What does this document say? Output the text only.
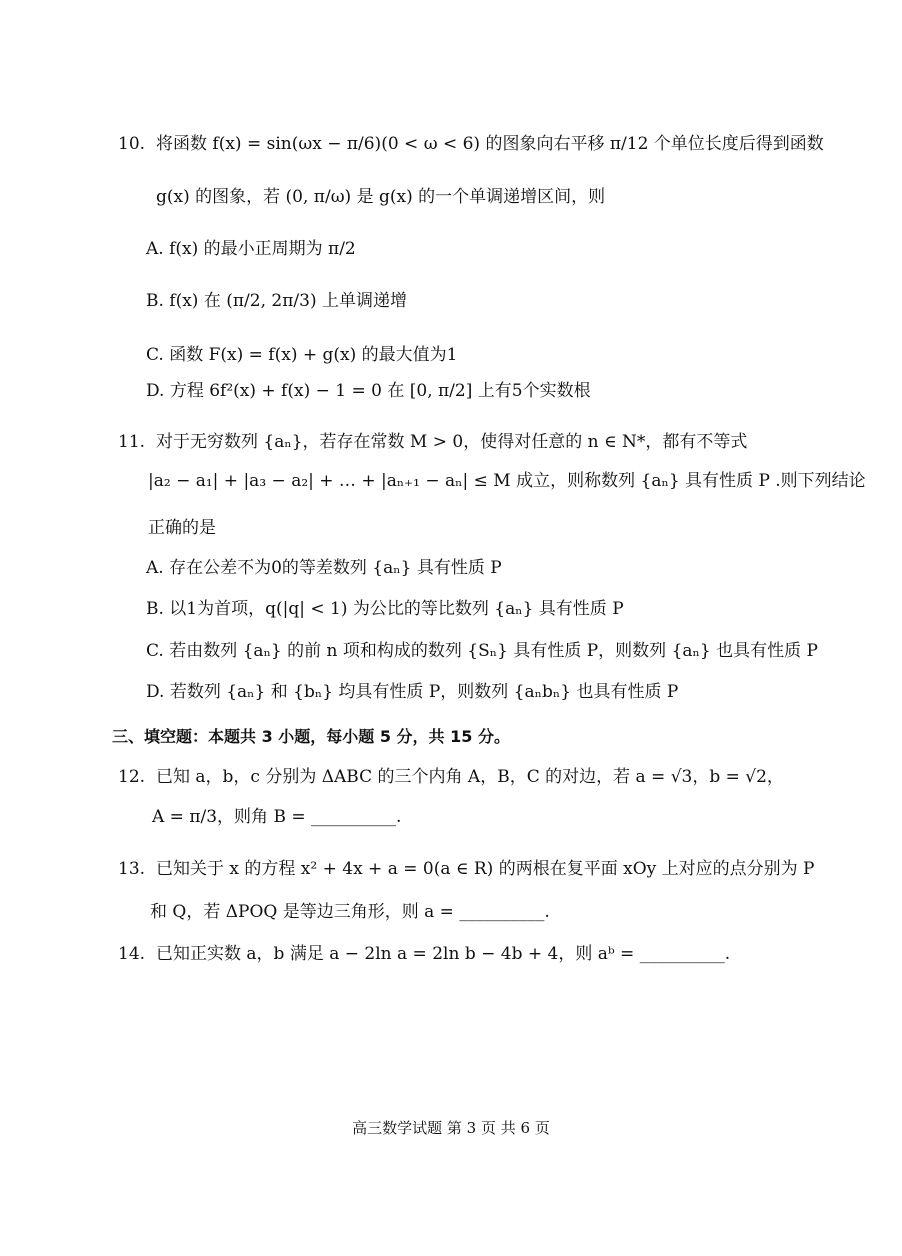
10. 将函数 f(x) = sin(ωx − π/6)(0 < ω < 6) 的图象向右平移 π/12 个单位长度后得到函数
g(x) 的图象，若 (0, π/ω) 是 g(x) 的一个单调递增区间，则
A. f(x) 的最小正周期为 π/2
B. f(x) 在 (π/2, 2π/3) 上单调递增
C. 函数 F(x) = f(x) + g(x) 的最大值为1
D. 方程 6f²(x) + f(x) − 1 = 0 在 [0, π/2] 上有5个实数根
11. 对于无穷数列 {aₙ}，若存在常数 M > 0，使得对任意的 n ∈ N*，都有不等式
|a₂ − a₁| + |a₃ − a₂| + … + |aₙ₊₁ − aₙ| ≤ M 成立，则称数列 {aₙ} 具有性质 P .则下列结论
正确的是
A. 存在公差不为0的等差数列 {aₙ} 具有性质 P
B. 以1为首项，q(|q| < 1) 为公比的等比数列 {aₙ} 具有性质 P
C. 若由数列 {aₙ} 的前 n 项和构成的数列 {Sₙ} 具有性质 P，则数列 {aₙ} 也具有性质 P
D. 若数列 {aₙ} 和 {bₙ} 均具有性质 P，则数列 {aₙbₙ} 也具有性质 P
三、填空题：本题共 3 小题，每小题 5 分，共 15 分。
12. 已知 a，b，c 分别为 ΔABC 的三个内角 A，B，C 的对边，若 a = √3，b = √2，
A = π/3，则角 B = __________.
13. 已知关于 x 的方程 x² + 4x + a = 0(a ∈ R) 的两根在复平面 xOy 上对应的点分别为 P
和 Q，若 ΔPOQ 是等边三角形，则 a = __________.
14. 已知正实数 a，b 满足 a − 2ln a = 2ln b − 4b + 4，则 aᵇ = __________.
高三数学试题 第 3 页 共 6 页
